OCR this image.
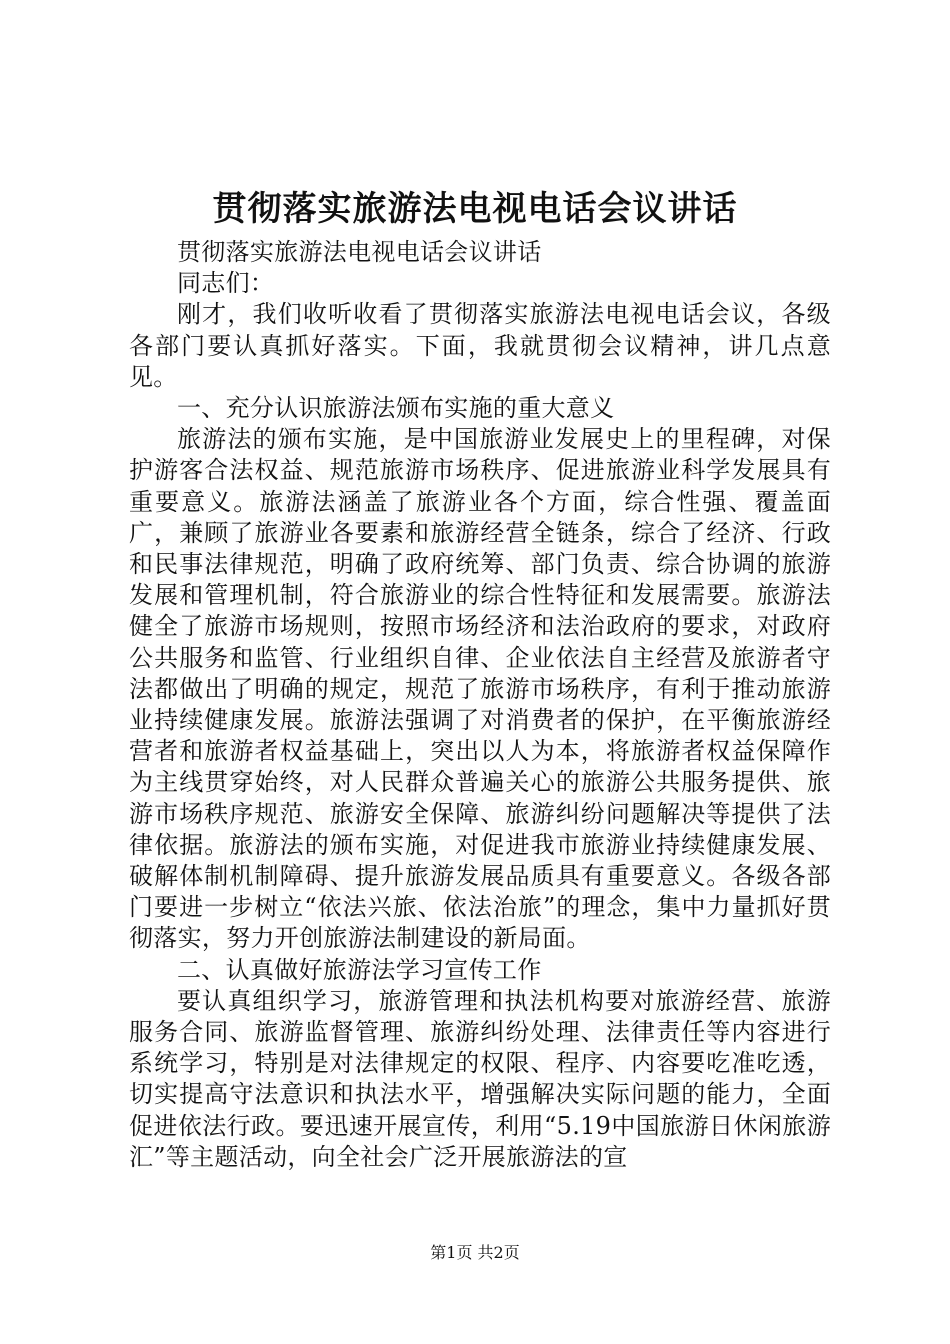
贯彻落实旅游法电视电话会议讲话

贯彻落实旅游法电视电话会议讲话

同志们：

刚才，我们收听收看了贯彻落实旅游法电视电话会议，各级各部门要认真抓好落实。下面，我就贯彻会议精神，讲几点意见。

一、充分认识旅游法颁布实施的重大意义

旅游法的颁布实施，是中国旅游业发展史上的里程碑，对保护游客合法权益、规范旅游市场秩序、促进旅游业科学发展具有重要意义。旅游法涵盖了旅游业各个方面，综合性强、覆盖面广，兼顾了旅游业各要素和旅游经营全链条，综合了经济、行政和民事法律规范，明确了政府统筹、部门负责、综合协调的旅游发展和管理机制，符合旅游业的综合性特征和发展需要。旅游法健全了旅游市场规则，按照市场经济和法治政府的要求，对政府公共服务和监管、行业组织自律、企业依法自主经营及旅游者守法都做出了明确的规定，规范了旅游市场秩序，有利于推动旅游业持续健康发展。旅游法强调了对消费者的保护，在平衡旅游经营者和旅游者权益基础上，突出以人为本，将旅游者权益保障作为主线贯穿始终，对人民群众普遍关心的旅游公共服务提供、旅游市场秩序规范、旅游安全保障、旅游纠纷问题解决等提供了法律依据。旅游法的颁布实施，对促进我市旅游业持续健康发展、破解体制机制障碍、提升旅游发展品质具有重要意义。各级各部门要进一步树立“依法兴旅、依法治旅”的理念，集中力量抓好贯彻落实，努力开创旅游法制建设的新局面。

二、认真做好旅游法学习宣传工作

要认真组织学习，旅游管理和执法机构要对旅游经营、旅游服务合同、旅游监督管理、旅游纠纷处理、法律责任等内容进行系统学习，特别是对法律规定的权限、程序、内容要吃准吃透，切实提高守法意识和执法水平，增强解决实际问题的能力，全面促进依法行政。要迅速开展宣传，利用“5.19中国旅游日休闲旅游汇”等主题活动，向全社会广泛开展旅游法的宣

第1页 共2页
